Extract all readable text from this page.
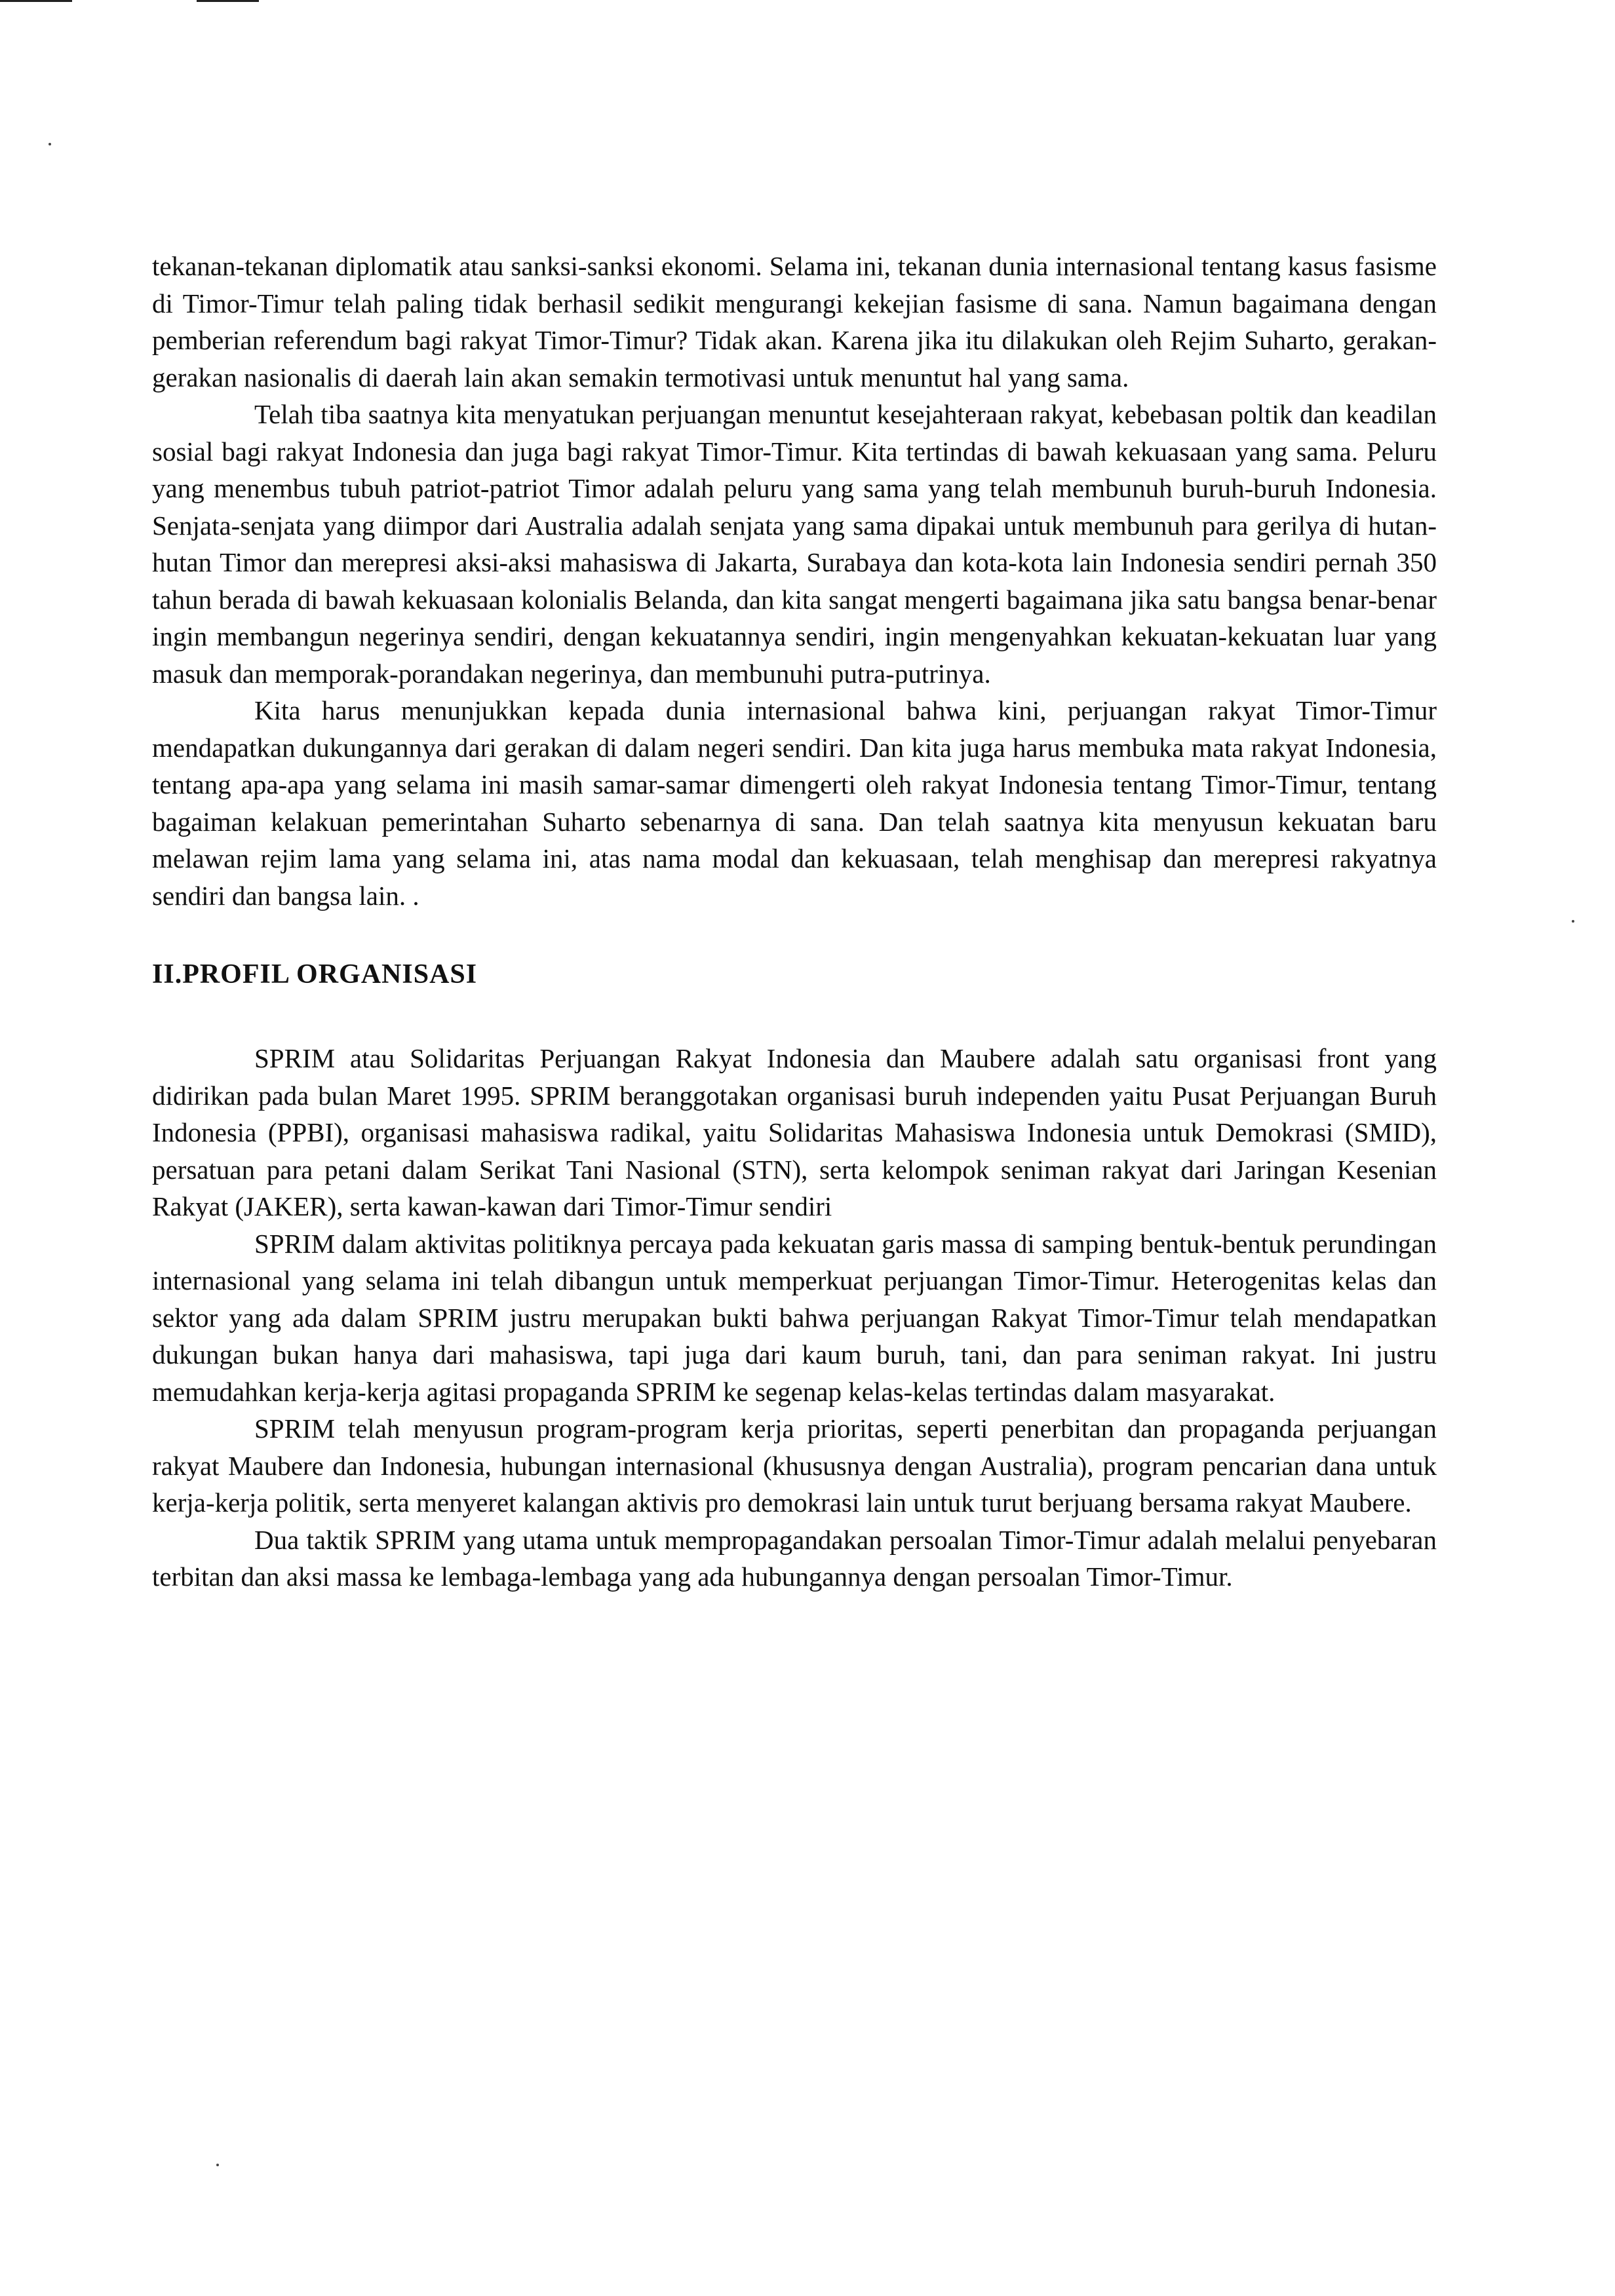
tekanan-tekanan diplomatik atau sanksi-sanksi ekonomi. Selama ini, tekanan dunia internasional tentang kasus fasisme di Timor-Timur telah paling tidak berhasil sedikit mengurangi kekejian fasisme di sana. Namun bagaimana dengan pemberian referendum bagi rakyat Timor-Timur? Tidak akan. Karena jika itu dilakukan oleh Rejim Suharto, gerakan-gerakan nasionalis di daerah lain akan semakin termotivasi untuk menuntut hal yang sama.

Telah tiba saatnya kita menyatukan perjuangan menuntut kesejahteraan rakyat, kebebasan poltik dan keadilan sosial bagi rakyat Indonesia dan juga bagi rakyat Timor-Timur. Kita tertindas di bawah kekuasaan yang sama. Peluru yang menembus tubuh patriot-patriot Timor adalah peluru yang sama yang telah membunuh buruh-buruh Indonesia. Senjata-senjata yang diimpor dari Australia adalah senjata yang sama dipakai untuk membunuh para gerilya di hutan-hutan Timor dan merepresi aksi-aksi mahasiswa di Jakarta, Surabaya dan kota-kota lain Indonesia sendiri pernah 350 tahun berada di bawah kekuasaan kolonialis Belanda, dan kita sangat mengerti bagaimana jika satu bangsa benar-benar ingin membangun negerinya sendiri, dengan kekuatannya sendiri, ingin mengenyahkan kekuatan-kekuatan luar yang masuk dan memporak-porandakan negerinya, dan membunuhi putra-putrinya.

Kita harus menunjukkan kepada dunia internasional bahwa kini, perjuangan rakyat Timor-Timur mendapatkan dukungannya dari gerakan di dalam negeri sendiri. Dan kita juga harus membuka mata rakyat Indonesia, tentang apa-apa yang selama ini masih samar-samar dimengerti oleh rakyat Indonesia tentang Timor-Timur, tentang bagaiman kelakuan pemerintahan Suharto sebenarnya di sana. Dan telah saatnya kita menyusun kekuatan baru melawan rejim lama yang selama ini, atas nama modal dan kekuasaan, telah menghisap dan merepresi rakyatnya sendiri dan bangsa lain. .

II.PROFIL ORGANISASI

SPRIM atau Solidaritas Perjuangan Rakyat Indonesia dan Maubere adalah satu organisasi front yang didirikan pada bulan Maret 1995. SPRIM beranggotakan organisasi buruh independen yaitu Pusat Perjuangan Buruh Indonesia (PPBI), organisasi mahasiswa radikal, yaitu Solidaritas Mahasiswa Indonesia untuk Demokrasi (SMID), persatuan para petani dalam Serikat Tani Nasional (STN), serta kelompok seniman rakyat dari Jaringan Kesenian Rakyat (JAKER), serta kawan-kawan dari Timor-Timur sendiri

SPRIM dalam aktivitas politiknya percaya pada kekuatan garis massa di samping bentuk-bentuk perundingan internasional yang selama ini telah dibangun untuk memperkuat perjuangan Timor-Timur. Heterogenitas kelas dan sektor yang ada dalam SPRIM justru merupakan bukti bahwa perjuangan Rakyat Timor-Timur telah mendapatkan dukungan bukan hanya dari mahasiswa, tapi juga dari kaum buruh, tani, dan para seniman rakyat. Ini justru memudahkan kerja-kerja agitasi propaganda SPRIM ke segenap kelas-kelas tertindas dalam masyarakat.

SPRIM telah menyusun program-program kerja prioritas, seperti penerbitan dan propaganda perjuangan rakyat Maubere dan Indonesia, hubungan internasional (khususnya dengan Australia), program pencarian dana untuk kerja-kerja politik, serta menyeret kalangan aktivis pro demokrasi lain untuk turut berjuang bersama rakyat Maubere.

Dua taktik SPRIM yang utama untuk mempropagandakan persoalan Timor-Timur adalah melalui penyebaran terbitan dan aksi massa ke lembaga-lembaga yang ada hubungannya dengan persoalan Timor-Timur.
